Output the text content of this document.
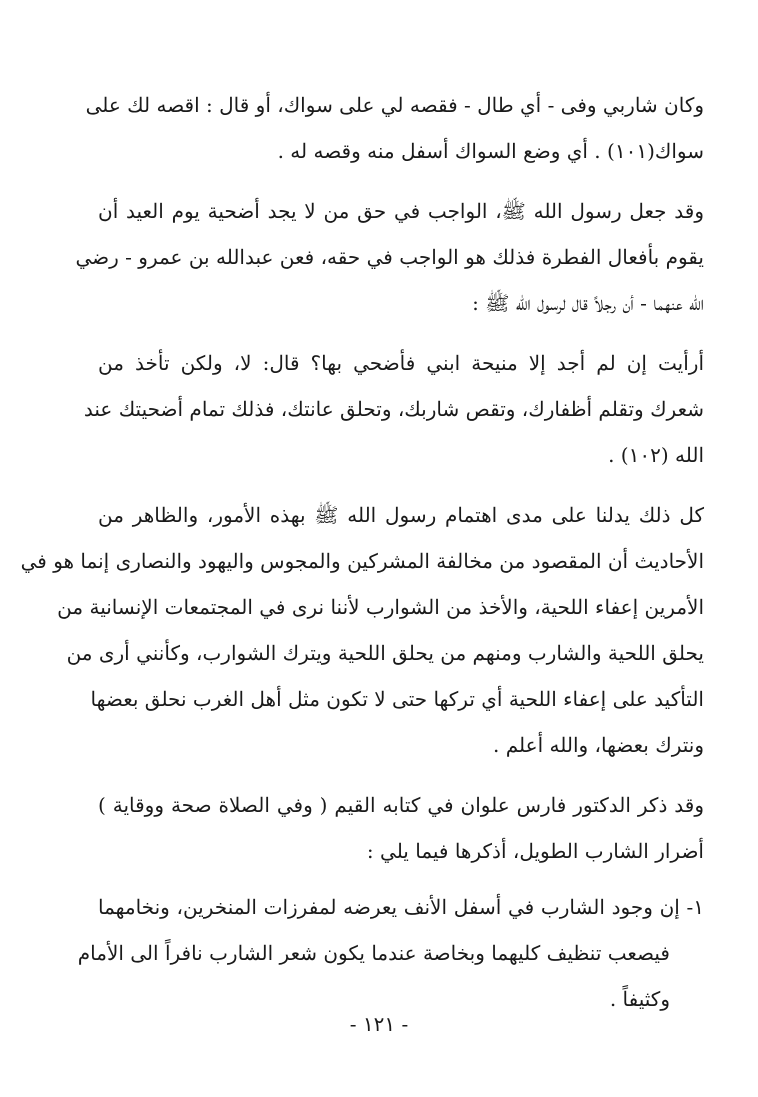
وكان شاربي وفى - أي طال - فقصه لي على سواك، أو قال : اقصه لك على
سواك(١٠١) . أي وضع السواك أسفل منه وقصه له .
وقد جعل رسول الله ﷺ، الواجب في حق من لا يجد أضحية يوم العيد أن
يقوم بأفعال الفطرة فذلك هو الواجب في حقه، فعن عبدالله بن عمرو - رضي
الله عنهما - أن رجلاً قال لرسول الله ﷺ :
أرأيت إن لم أجد إلا منيحة ابني فأضحي بها؟ قال: لا، ولكن تأخذ من
شعرك وتقلم أظفارك، وتقص شاربك، وتحلق عانتك، فذلك تمام أضحيتك عند
الله (١٠٢) .
كل ذلك يدلنا على مدى اهتمام رسول الله ﷺ بهذه الأمور، والظاهر من
الأحاديث أن المقصود من مخالفة المشركين والمجوس واليهود والنصارى إنما هو في
الأمرين إعفاء اللحية، والأخذ من الشوارب لأننا نرى في المجتمعات الإنسانية من
يحلق اللحية والشارب ومنهم من يحلق اللحية ويترك الشوارب، وكأنني أرى من
التأكيد على إعفاء اللحية أي تركها حتى لا تكون مثل أهل الغرب نحلق بعضها
ونترك بعضها، والله أعلم .
وقد ذكر الدكتور فارس علوان في كتابه القيم ( وفي الصلاة صحة ووقاية )
أضرار الشارب الطويل، أذكرها فيما يلي :
١- إن وجود الشارب في أسفل الأنف يعرضه لمفرزات المنخرين، ونخامهما
فيصعب تنظيف كليهما وبخاصة عندما يكون شعر الشارب نافراً الى الأمام
وكثيفاً .
- ١٢١ -
